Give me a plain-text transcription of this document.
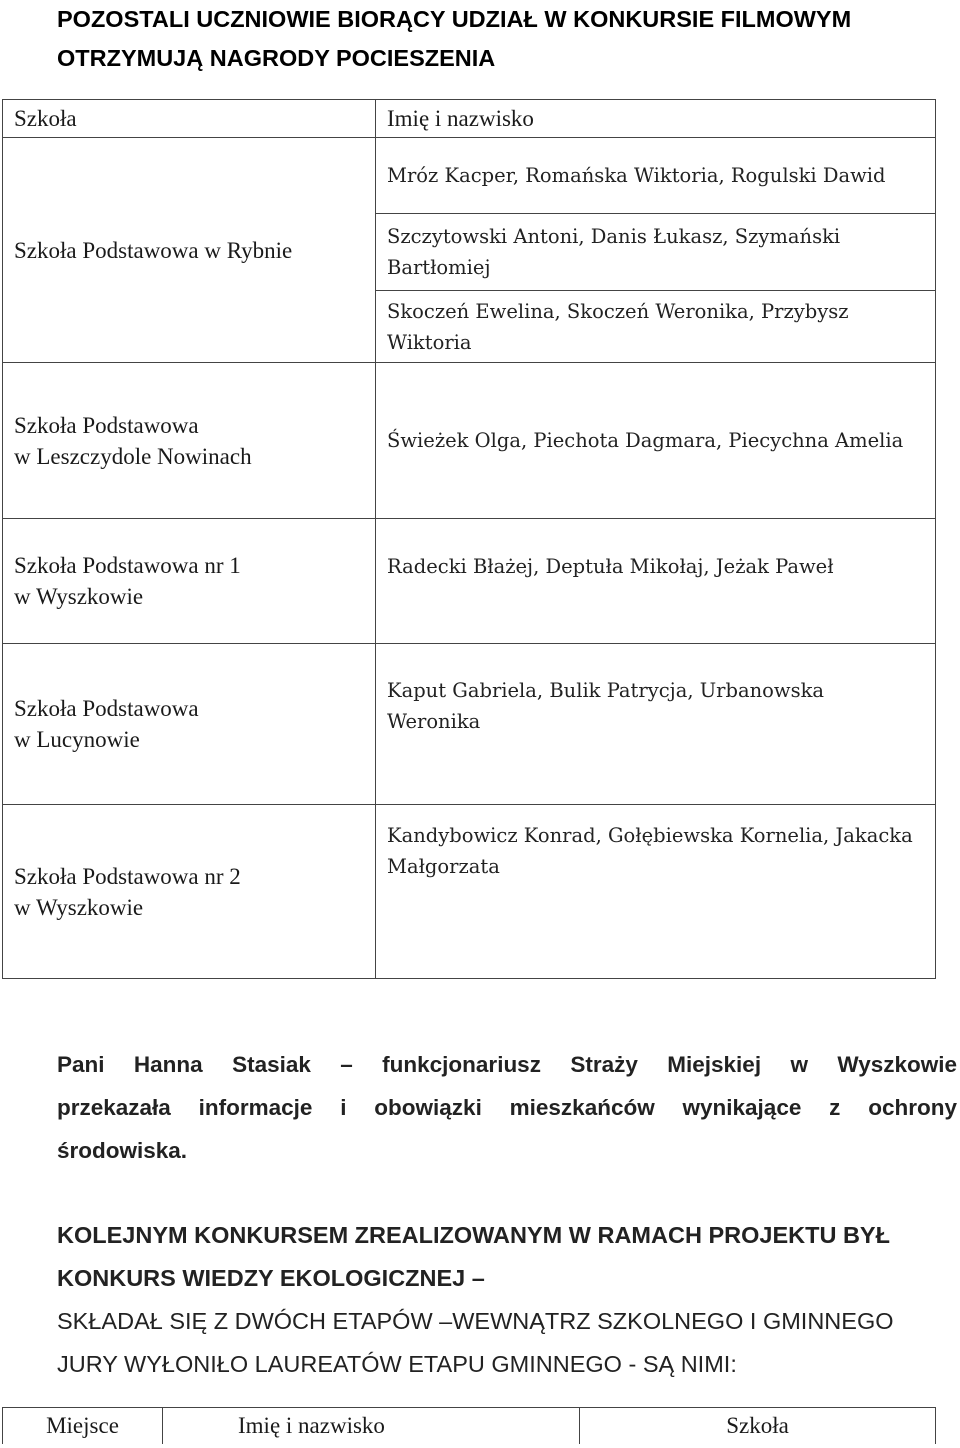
POZOSTALI UCZNIOWIE BIORĄCY UDZIAŁ W KONKURSIE FILMOWYM
OTRZYMUJĄ NAGRODY POCIESZENIA
Szkoła	Imię i nazwisko

Szkoła Podstawowa w Rybnie	Mróz Kacper, Romańska Wiktoria, Rogulski Dawid
	Szczytowski Antoni, Danis Łukasz, Szymański Bartłomiej
	Skoczeń Ewelina, Skoczeń Weronika, Przybysz Wiktoria

Szkoła Podstawowa
w Leszczydole Nowinach	Świeżek Olga, Piechota Dagmara, Piecychna Amelia

Szkoła Podstawowa nr 1
w Wyszkowie	Radecki Błażej, Deptuła Mikołaj, Jeżak Paweł

Szkoła Podstawowa
w Lucynowie	Kaput Gabriela, Bulik Patrycja, Urbanowska Weronika

Szkoła Podstawowa nr 2
w Wyszkowie	Kandybowicz Konrad, Gołębiewska Kornelia, Jakacka Małgorzata
Pani Hanna Stasiak – funkcjonariusz Straży Miejskiej w Wyszkowie
przekazała informacje i obowiązki mieszkańców wynikające z ochrony
środowiska.
KOLEJNYM KONKURSEM ZREALIZOWANYM W RAMACH PROJEKTU BYŁ
KONKURS WIEDZY EKOLOGICZNEJ –
SKŁADAŁ SIĘ Z DWÓCH ETAPÓW –WEWNĄTRZ SZKOLNEGO I GMINNEGO
JURY WYŁONIŁO LAUREATÓW ETAPU GMINNEGO - SĄ NIMI:
Miejsce	Imię i nazwisko	Szkoła
